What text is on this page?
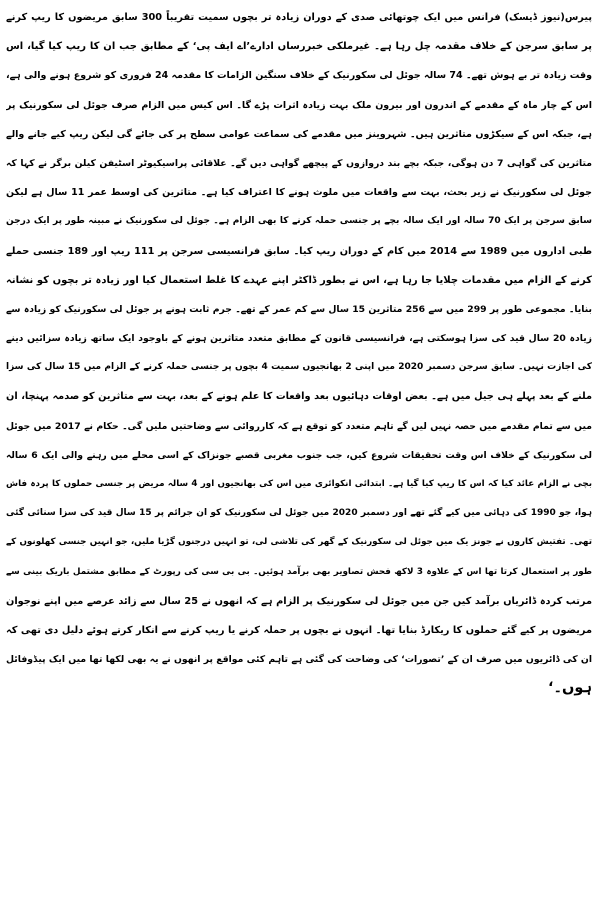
پیرس(نیوز ڈیسک) فرانس میں ایک چوتھائی صدی کے دوران زیادہ تر بچوں سمیت تقریباً 300 سابق مریضوں کا ریپ کرنے
پر سابق سرجن کے خلاف مقدمہ چل رہا ہے۔ غیرملکی خبررساں ادارے’اے ایف پی‘ کے مطابق جب ان کا ریپ کیا گیا، اس
وقت زیادہ تر بے ہوش تھے۔ 74 سالہ جوئل لی سکورنیک کے خلاف سنگین الزامات کا مقدمہ 24 فروری کو شروع ہونے والی ہے،
اس کے چار ماہ کے مقدمے کے اندرون اور بیرون ملک بہت زیادہ اثرات پڑے گا۔ اس کیس میں الزام صرف جوئل لی سکورنیک پر
ہے، جبکہ اس کے سیکڑوں متاثرین ہیں۔ شہروینز میں مقدمے کی سماعت عوامی سطح پر کی جائے گی لیکن ریپ کیے جانے والے
متاثرین کی گواہی 7 دن ہوگی، جبکہ بچے بند دروازوں کے پیچھے گواہی دیں گے۔ علاقائی پراسیکیوٹر اسٹیفن کیلن برگر نے کہا کہ
جوئل لی سکورنیک نے زیر بحث، بہت سے واقعات میں ملوث ہونے کا اعتراف کیا ہے۔ متاثرین کی اوسط عمر 11 سال ہے لیکن
سابق سرجن پر ایک 70 سالہ اور ایک سالہ بچے پر جنسی حملہ کرنے کا بھی الزام ہے۔ جوئل لی سکورنیک نے مبینہ طور پر ایک درجن
طبی اداروں میں 1989 سے 2014 میں کام کے دوران ریپ کیا۔ سابق فرانسیسی سرجن پر 111 ریپ اور 189 جنسی حملے
کرنے کے الزام میں مقدمات چلایا جا رہا ہے، اس نے بطور ڈاکٹر اپنے عہدے کا غلط استعمال کیا اور زیادہ تر بچوں کو نشانہ
بنایا۔ مجموعی طور پر 299 میں سے 256 متاثرین 15 سال سے کم عمر کے تھے۔ جرم ثابت ہونے پر جوئل لی سکورنیک کو زیادہ سے
زیادہ 20 سال قید کی سزا ہوسکتی ہے، فرانسیسی قانون کے مطابق متعدد متاثرین ہونے کے باوجود ایک ساتھ زیادہ سزائیں دینے
کی اجازت نہیں۔ سابق سرجن دسمبر 2020 میں اپنی 2 بھانجیوں سمیت 4 بچوں پر جنسی حملہ کرنے کے الزام میں 15 سال کی سزا
ملنے کے بعد پہلے ہی جیل میں ہے۔ بعض اوقات دہائیوں بعد واقعات کا علم ہونے کے بعد، بہت سے متاثرین کو صدمہ پہنچا، ان
میں سے تمام مقدمے میں حصہ نہیں لیں گے تاہم متعدد کو توقع ہے کہ کارروائی سے وضاحتیں ملیں گی۔ حکام نے 2017 میں جوئل
لی سکورنیک کے خلاف اس وقت تحقیقات شروع کیں، جب جنوب مغربی قصبے جونزاک کے اسی محلے میں رہنے والی ایک 6 سالہ
بچی نے الزام عائد کیا کہ اس کا ریپ کیا گیا ہے۔ ابتدائی انکوائری میں اس کی بھانجیوں اور 4 سالہ مریض پر جنسی حملوں کا پردہ فاش
ہوا، جو 1990 کی دہائی میں کیے گئے تھے اور دسمبر 2020 میں جوئل لی سکورنیک کو ان جرائم پر 15 سال قید کی سزا سنائی گئی
تھی۔ تفتیش کاروں نے جونز یک میں جوئل لی سکورنیک کے گھر کی تلاشی لی، تو انہیں درجنوں گڑیا ملیں، جو انہیں جنسی کھلونوں کے
طور پر استعمال کرتا تھا اس کے علاوہ 3 لاکھ فحش تصاویر بھی برآمد ہوئیں۔ بی بی سی کی رپورٹ کے مطابق مشتمل باریک بینی سے
مرتب کردہ ڈائریاں برآمد کیں جن میں جوئل لی سکورنیک پر الزام ہے کہ انھوں نے 25 سال سے زائد عرصے میں اپنے نوجوان
مریضوں پر کیے گئے حملوں کا ریکارڈ بنایا تھا۔ انہوں نے بچوں پر حملہ کرنے یا ریپ کرنے سے انکار کرتے ہوئے دلیل دی تھی کہ
ان کی ڈائریوں میں صرف ان کے ’تصورات‘ کی وضاحت کی گئی ہے تاہم کئی مواقع پر انھوں نے یہ بھی لکھا تھا میں ایک پیڈوفائل
ہوں۔‘
